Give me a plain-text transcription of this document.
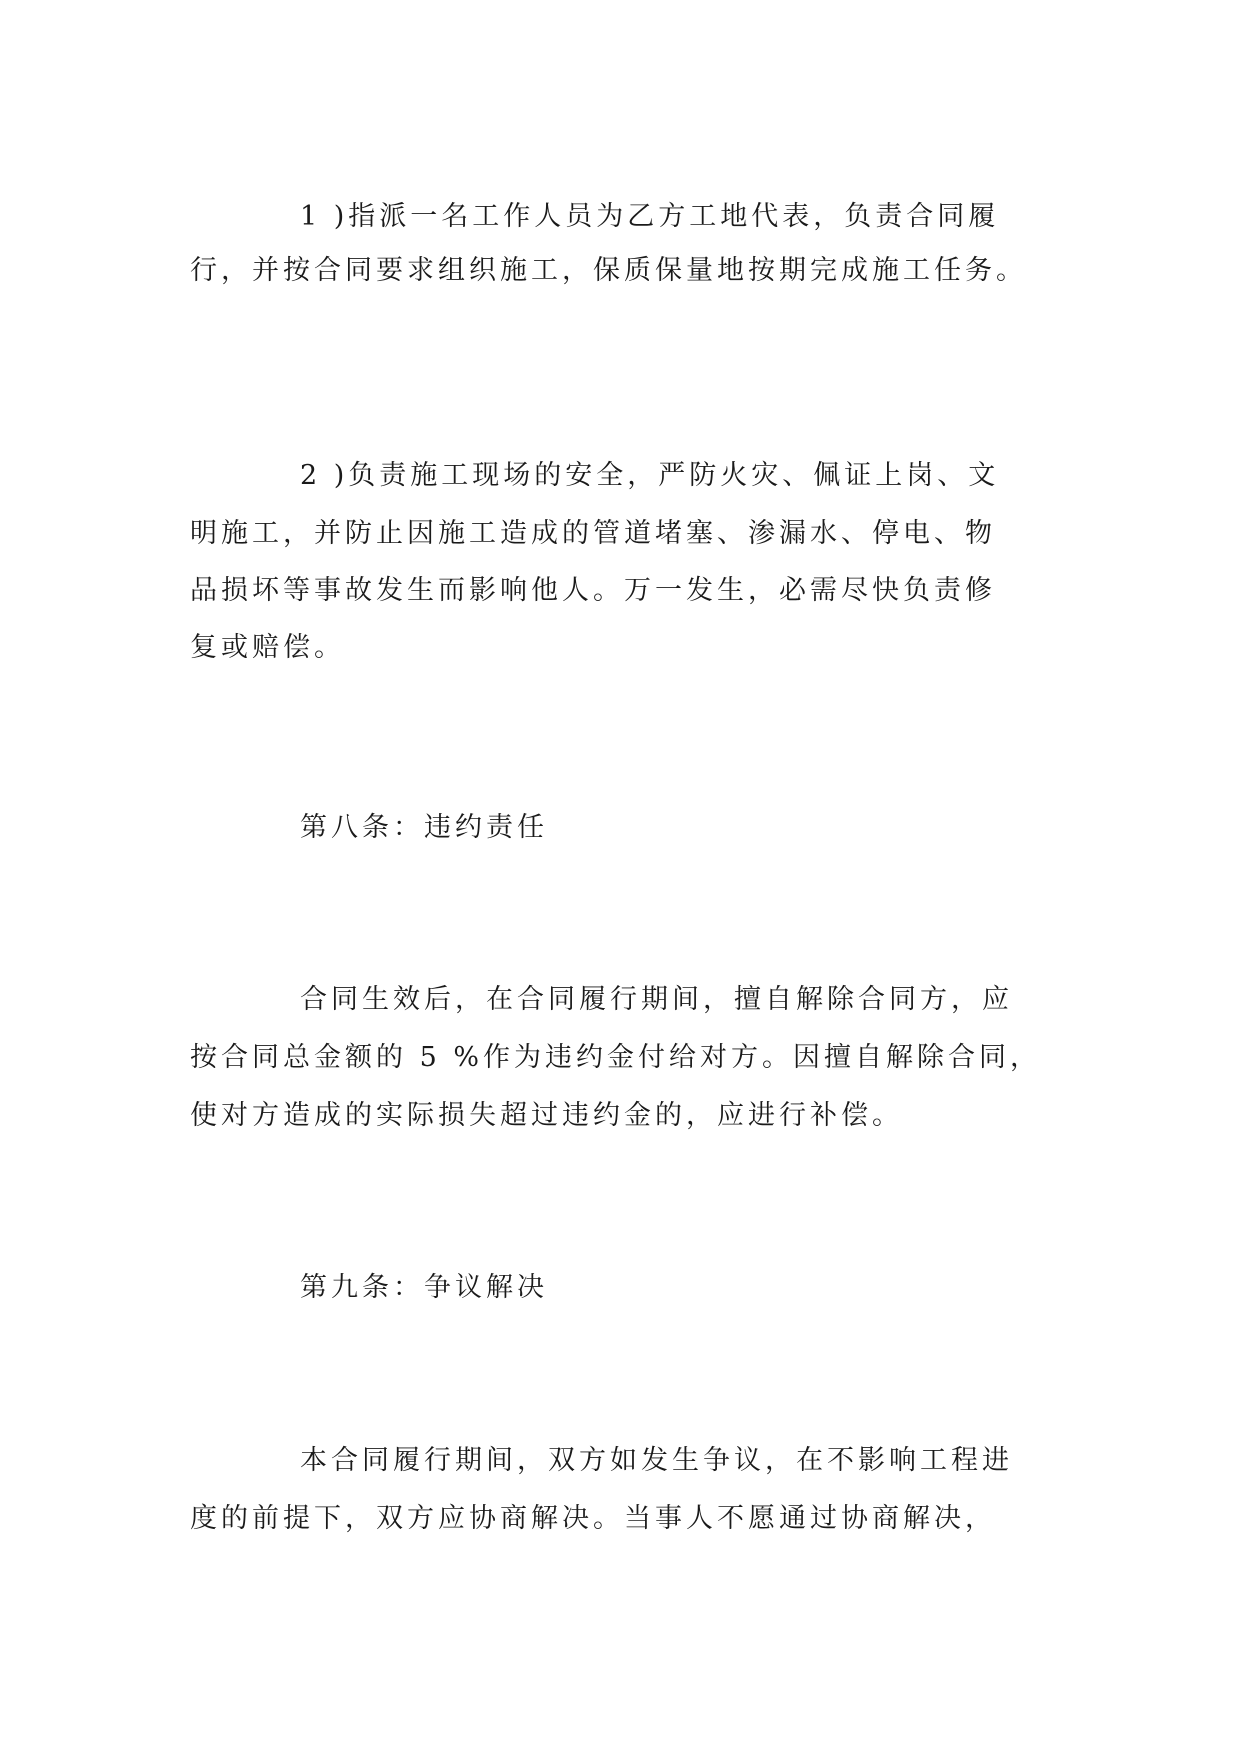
1 )指派一名工作人员为乙方工地代表，负责合同履
行，并按合同要求组织施工，保质保量地按期完成施工任务。
2 )负责施工现场的安全，严防火灾、佩证上岗、文
明施工，并防止因施工造成的管道堵塞、渗漏水、停电、物
品损坏等事故发生而影响他人。万一发生，必需尽快负责修
复或赔偿。
第八条：违约责任
合同生效后，在合同履行期间，擅自解除合同方，应
按合同总金额的 5 %作为违约金付给对方。因擅自解除合同，
使对方造成的实际损失超过违约金的，应进行补偿。
第九条：争议解决
本合同履行期间，双方如发生争议，在不影响工程进
度的前提下，双方应协商解决。当事人不愿通过协商解决，
